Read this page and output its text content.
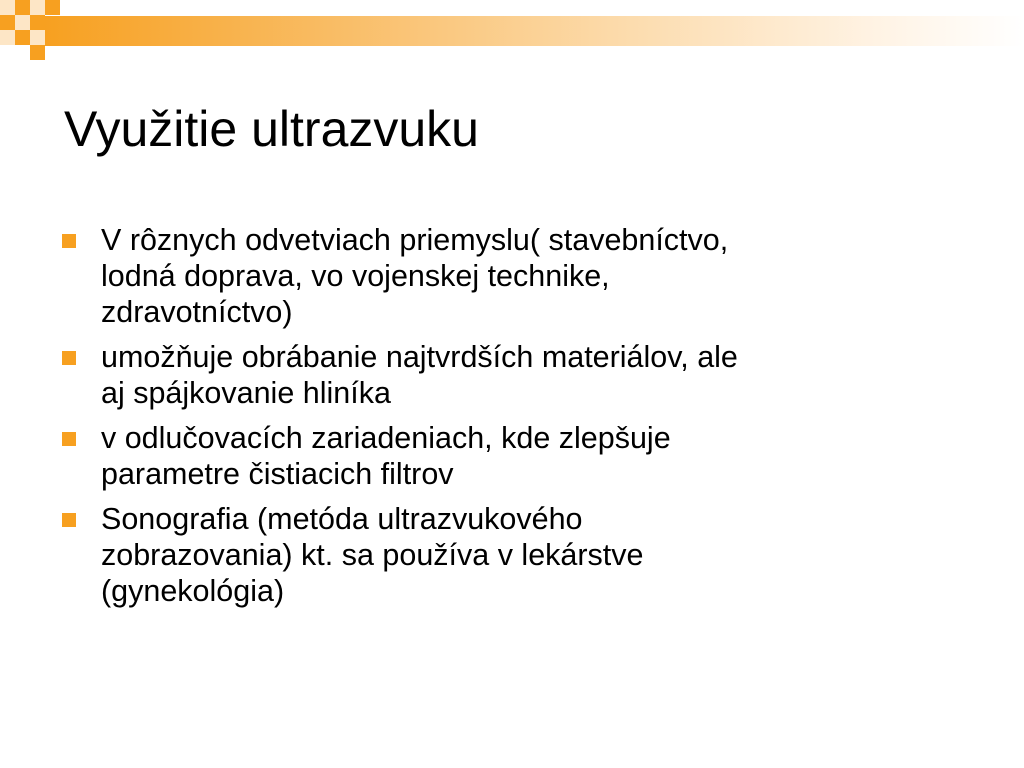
Využitie ultrazvuku
V rôznych odvetviach priemyslu( stavebníctvo,
lodná doprava, vo vojenskej technike,
zdravotníctvo)
umožňuje obrábanie najtvrdších materiálov, ale
aj spájkovanie hliníka
v odlučovacích zariadeniach, kde zlepšuje
parametre čistiacich filtrov
Sonografia (metóda ultrazvukového
zobrazovania) kt. sa používa v lekárstve
(gynekológia)
